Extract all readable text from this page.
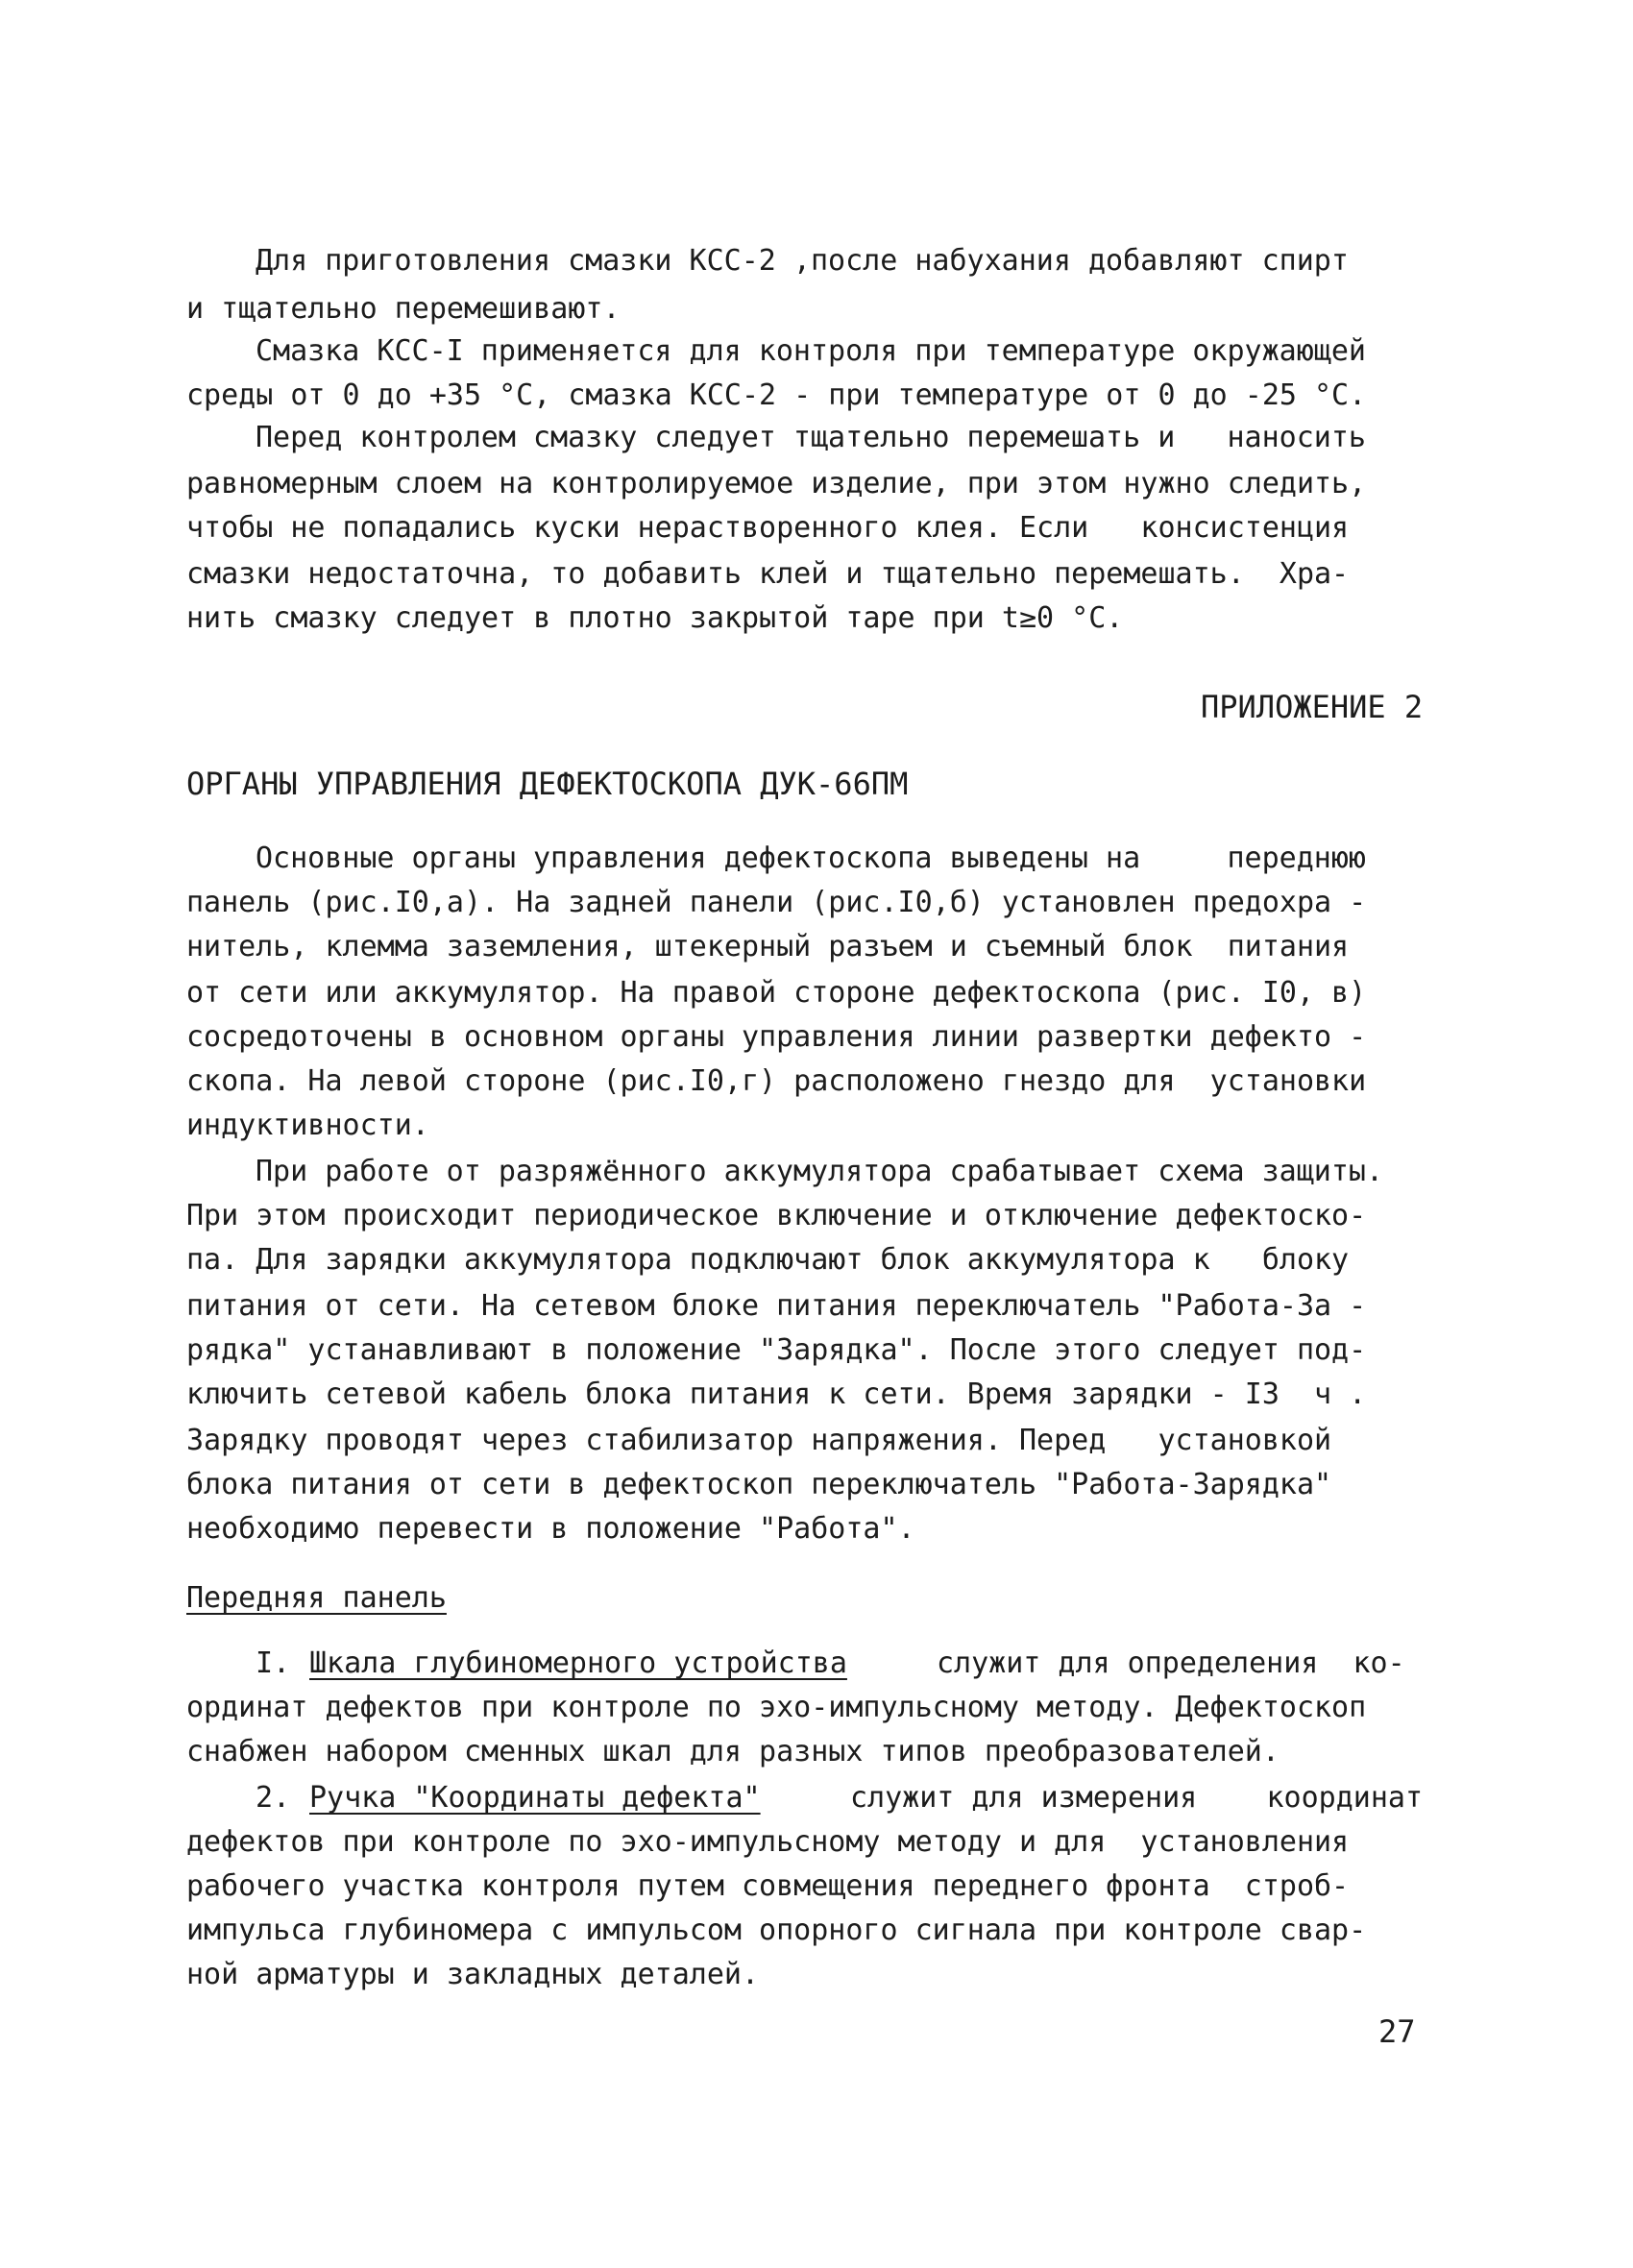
Для приготовления смазки КСС-2 ,после набухания добавляют спирт

и тщательно перемешивают.

Смазка КСС-I применяется для контроля при температуре окружающей

среды от 0 до +35 °С, смазка КСС-2 - при температуре от 0 до -25 °С.

Перед контролем смазку следует тщательно перемешать и   наносить

равномерным слоем на контролируемое изделие, при этом нужно следить,

чтобы не попадались куски нерастворенного клея. Если   консистенция

смазки недостаточна, то добавить клей и тщательно перемешать.  Хра-

нить смазку следует в плотно закрытой таре при t≥0 °С.

ПРИЛОЖЕНИЕ 2

ОРГАНЫ УПРАВЛЕНИЯ ДЕФЕКТОСКОПА ДУК-66ПМ

Основные органы управления дефектоскопа выведены на     переднюю

панель (рис.I0,а). На задней панели (рис.I0,б) установлен предохра -

нитель, клемма заземления, штекерный разъем и съемный блок  питания

от сети или аккумулятор. На правой стороне дефектоскопа (рис. I0, в)

сосредоточены в основном органы управления линии развертки дефекто -

скопа. На левой стороне (рис.I0,г) расположено гнездо для  установки

индуктивности.

При работе от разряжённого аккумулятора срабатывает схема защиты.

При этом происходит периодическое включение и отключение дефектоско-

па. Для зарядки аккумулятора подключают блок аккумулятора к   блоку

питания от сети. На сетевом блоке питания переключатель "Работа-За -

рядка" устанавливают в положение "Зарядка". После этого следует под-

ключить сетевой кабель блока питания к сети. Время зарядки - I3  ч .

Зарядку проводят через стабилизатор напряжения. Перед   установкой

блока питания от сети в дефектоскоп переключатель "Работа-Зарядка"

необходимо перевести в положение "Работа".

Передняя панель

I. Шкала глубиномерного устройства	служит для определения  ко-

ординат дефектов при контроле по эхо-импульсному методу. Дефектоскоп

снабжен набором сменных шкал для разных типов преобразователей.

2. Ручка "Координаты дефекта"	служит для измерения    координат

дефектов при контроле по эхо-импульсному методу и для  установления

рабочего участка контроля путем совмещения переднего фронта  строб-

импульса глубиномера с импульсом опорного сигнала при контроле свар-

ной арматуры и закладных деталей.

27
